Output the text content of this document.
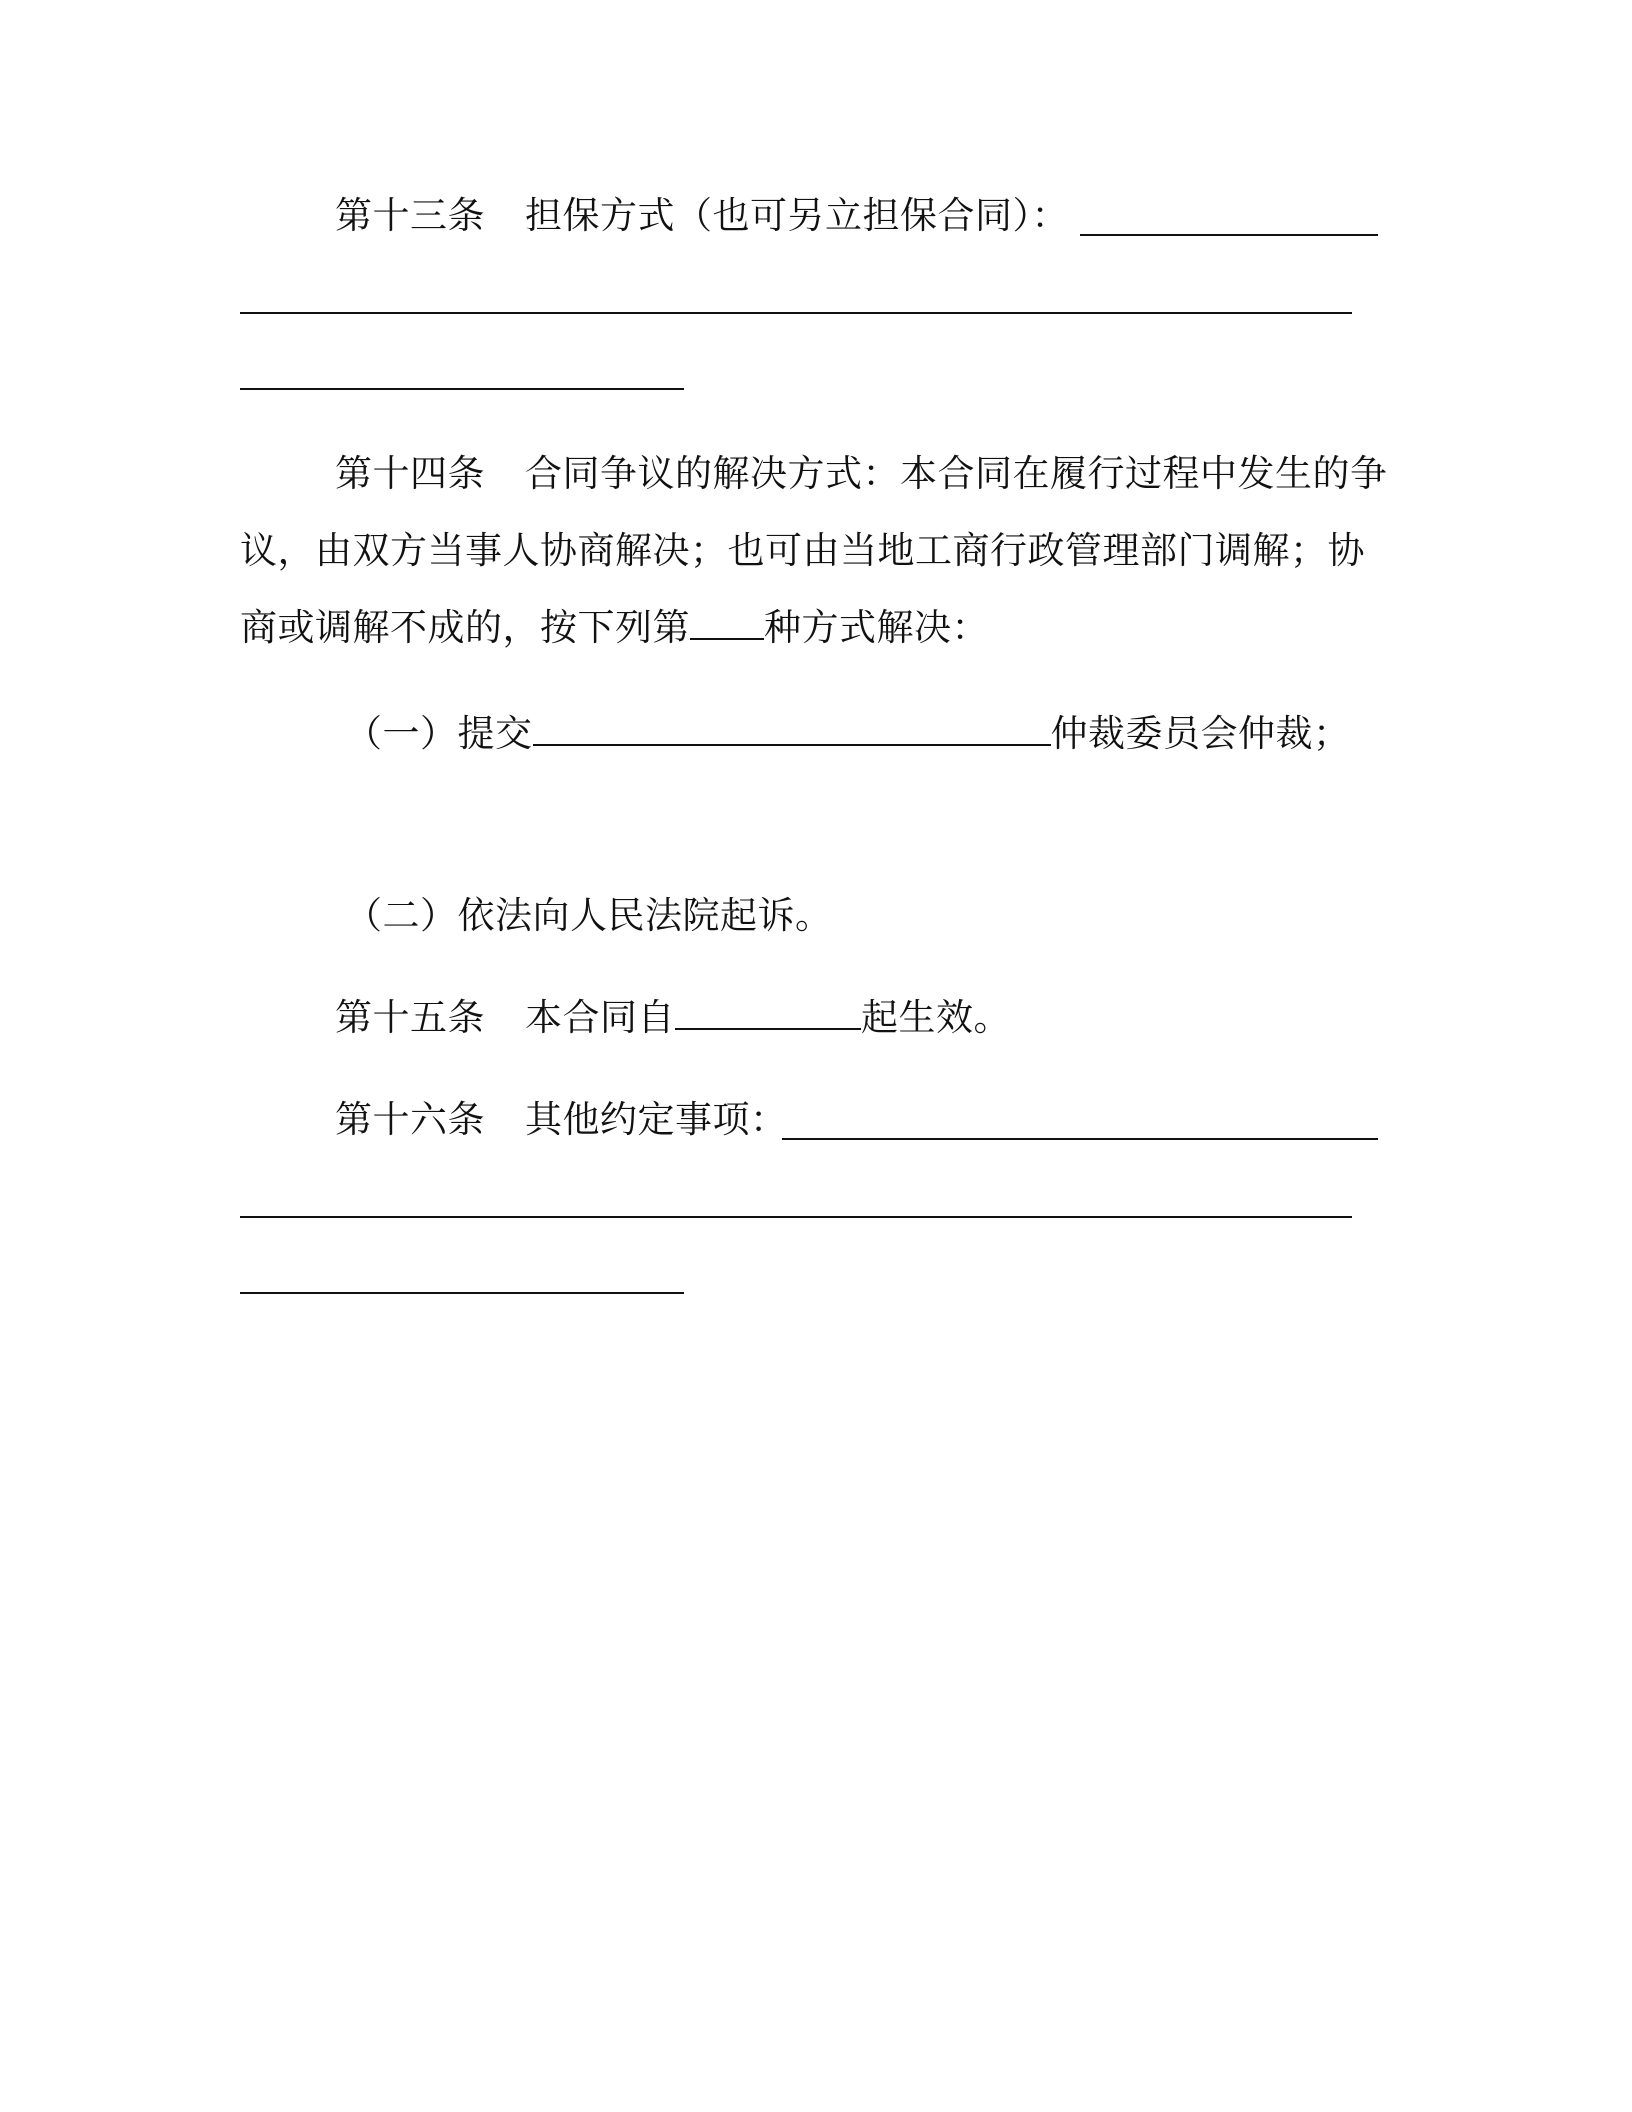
第十三条 担保方式（也可另立担保合同）：
第十四条 合同争议的解决方式：本合同在履行过程中发生的争
议，由双方当事人协商解决；也可由当地工商行政管理部门调解；协
商或调解不成的，按下列第 种方式解决：
（一）提交	仲裁委员会仲裁；
（二）依法向人民法院起诉。
第十五条 本合同自	起生效。
第十六条 其他约定事项：
